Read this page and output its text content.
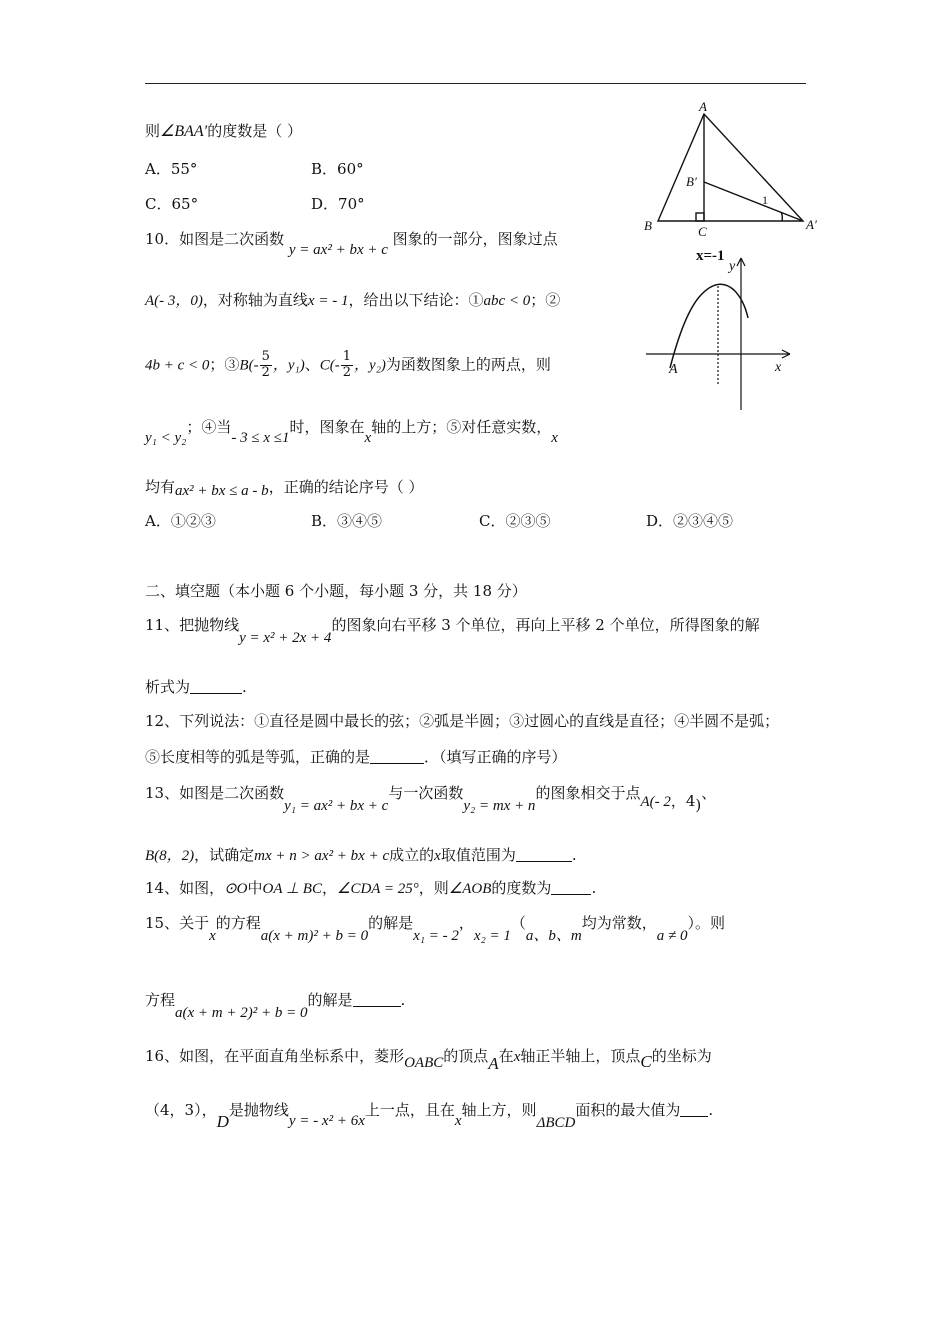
则∠BAA′的度数是（ ）
A．55°	B．60°
C．65°	D．70°
A
B
B′
C	A′
1
x=-1
y
x
A
10．如图是二次函数 y = ax² + bx + c 图象的一部分，图象过点
A(- 3，0)，对称轴为直线x = - 1，给出以下结论：①abc < 0；②
4b + c < 0；③B(- $\frac{5}{2}$ ，y₁)、$C(- \frac{1}{2}$ ，y₂)为函数图象上的两点，则
y₁ < y₂；④当- 3 ≤ x ≤1时，图象在x轴的上方；⑤对任意实数，x
均有ax² + bx ≤ a - b，正确的结论序号（ ）
A．①②③	B．③④⑤	C．②③⑤	D．②③④⑤
二、填空题（本小题 6 个小题，每小题 3 分，共 18 分）
11、把抛物线y = x² + 2x + 4的图象向右平移 3 个单位，再向上平移 2 个单位，所得图象的解
析式为	.
12、下列说法：①直径是圆中最长的弦；②弧是半圆；③过圆心的直线是直径；④半圆不是弧；
⑤长度相等的弧是等弧，正确的是	．（填写正确的序号）
13、如图是二次函数y₁ = ax² + bx + c与一次函数y₂ = mx + n的图象相交于点A(- 2，4)、
B(8，2)，试确定mx + n > ax² + bx + c成立的x取值范围为	.
14、如图，⊙O中OA ⊥ BC，∠CDA = 25°，则∠AOB的度数为	.
15、关于x的方程a(x + m)² + b = 0的解是x₁ = - 2，x₂ = 1（a、b、m均为常数，a ≠ 0）。则
方程a(x + m + 2)² + b = 0的解是	.
16、如图，在平面直角坐标系中，菱形OABC的顶点A在x轴正半轴上，顶点C的坐标为
（4，3），D是抛物线y = - x² + 6x上一点，且在x轴上方，则ΔBCD面积的最大值为 .
